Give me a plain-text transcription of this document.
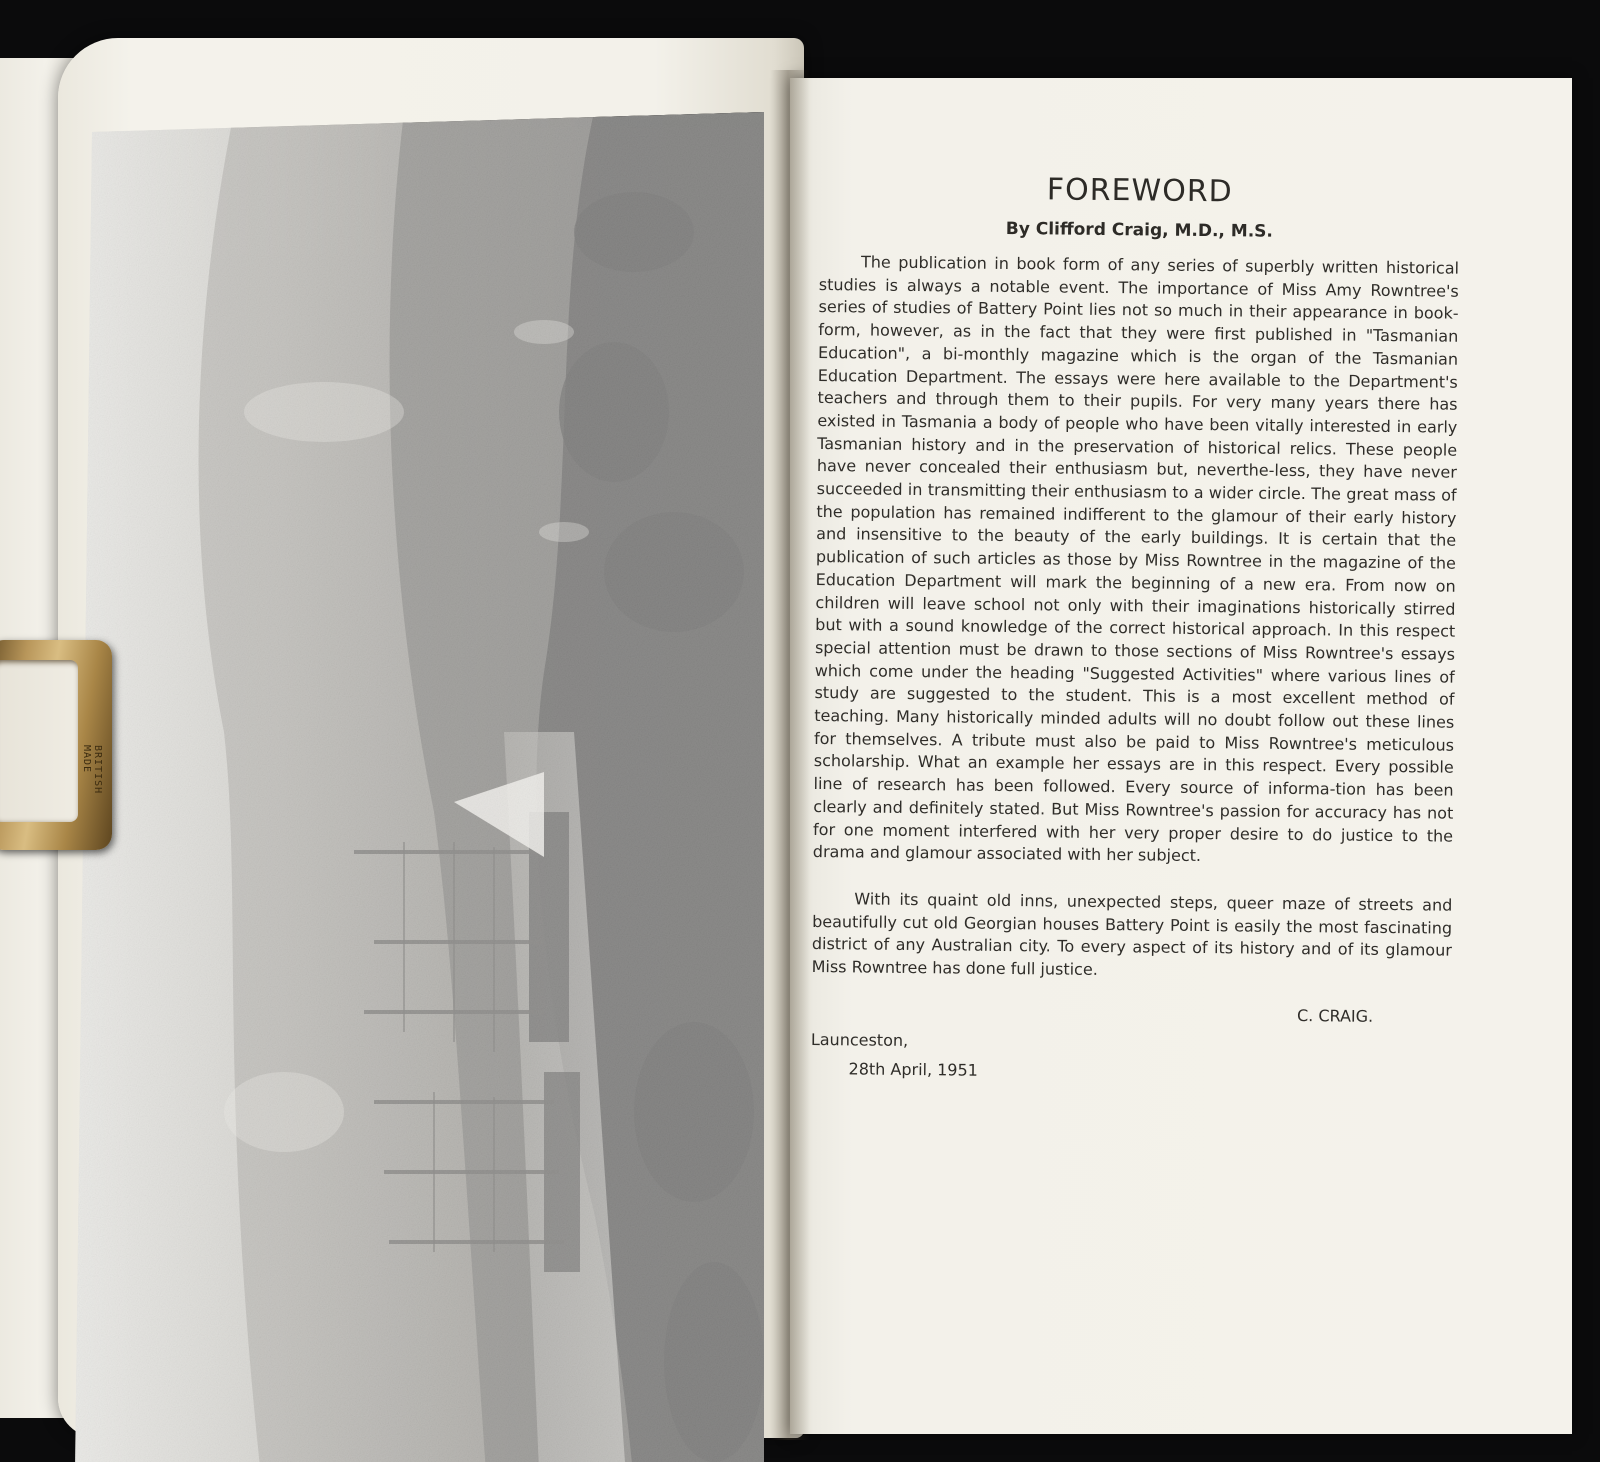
FOREWORD
By Clifford Craig, M.D., M.S.

The publication in book form of any series of superbly written historical studies is always a notable event. The importance of Miss Amy Rowntree's series of studies of Battery Point lies not so much in their appearance in book-form, however, as in the fact that they were first published in "Tasmanian Education", a bi-monthly magazine which is the organ of the Tasmanian Education Department. The essays were here available to the Department's teachers and through them to their pupils. For very many years there has existed in Tasmania a body of people who have been vitally interested in early Tasmanian history and in the preservation of historical relics. These people have never concealed their enthusiasm but, neverthe-less, they have never succeeded in transmitting their enthusiasm to a wider circle. The great mass of the population has remained indifferent to the glamour of their early history and insensitive to the beauty of the early buildings. It is certain that the publication of such articles as those by Miss Rowntree in the magazine of the Education Department will mark the beginning of a new era. From now on children will leave school not only with their imaginations historically stirred but with a sound knowledge of the correct historical approach. In this respect special attention must be drawn to those sections of Miss Rowntree's essays which come under the heading "Suggested Activities" where various lines of study are suggested to the student. This is a most excellent method of teaching. Many historically minded adults will no doubt follow out these lines for themselves. A tribute must also be paid to Miss Rowntree's meticulous scholarship. What an example her essays are in this respect. Every possible line of research has been followed. Every source of informa-tion has been clearly and definitely stated. But Miss Rowntree's passion for accuracy has not for one moment interfered with her very proper desire to do justice to the drama and glamour associated with her subject.

With its quaint old inns, unexpected steps, queer maze of streets and beautifully cut old Georgian houses Battery Point is easily the most fascinating district of any Australian city. To every aspect of its history and of its glamour Miss Rowntree has done full justice.

C. CRAIG.
Launceston,
28th April, 1951
BRITISH MADE
